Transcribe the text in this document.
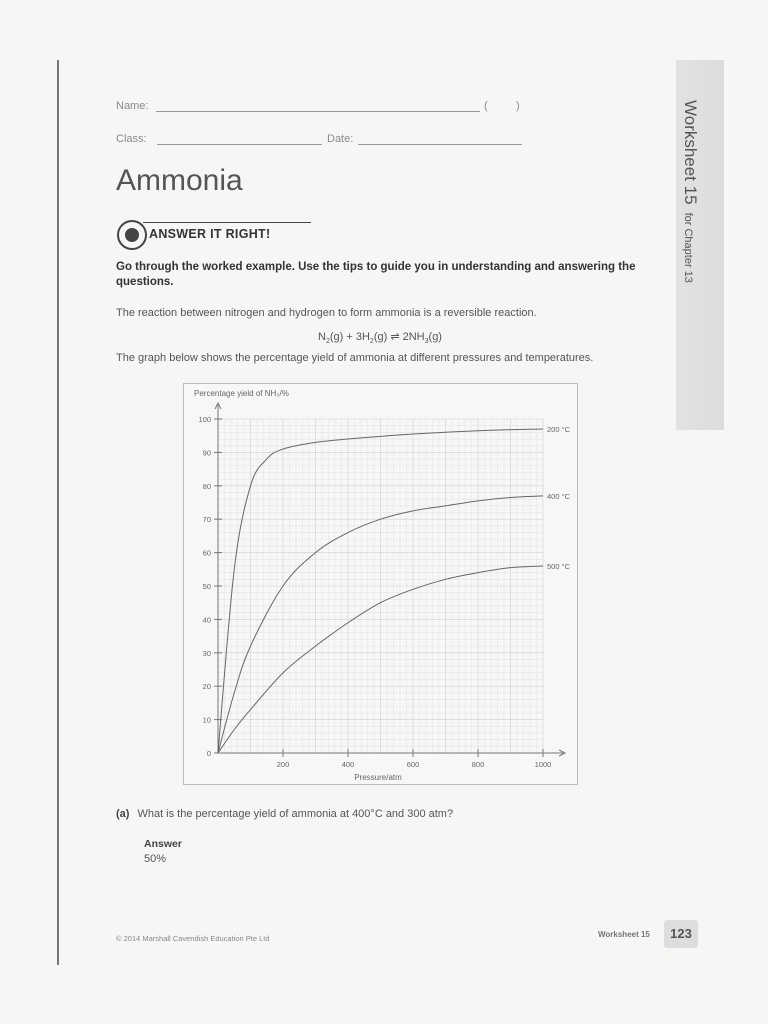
Worksheet 15for Chapter 13
Name:	(	)
Class:	Date:
Ammonia
ANSWER IT RIGHT!
Go through the worked example. Use the tips to guide you in understanding and answering the questions.
The reaction between nitrogen and hydrogen to form ammonia is a reversible reaction.
$N_2(g) + 3H_2(g)$ ⇌ $2NH_3(g)$
The graph below shows the percentage yield of ammonia at different pressures and temperatures.
0
10
20
30
40
50
60
70
80
90
100
200	400	600	800	1000
200 °C
400 °C
500 °C
Percentage yield of NH₃/%
Pressure/atm
(a) What is the percentage yield of ammonia at 400°C and 300 atm?
Answer
50%
© 2014 Marshall Cavendish Education Pte Ltd	Worksheet 15	123
